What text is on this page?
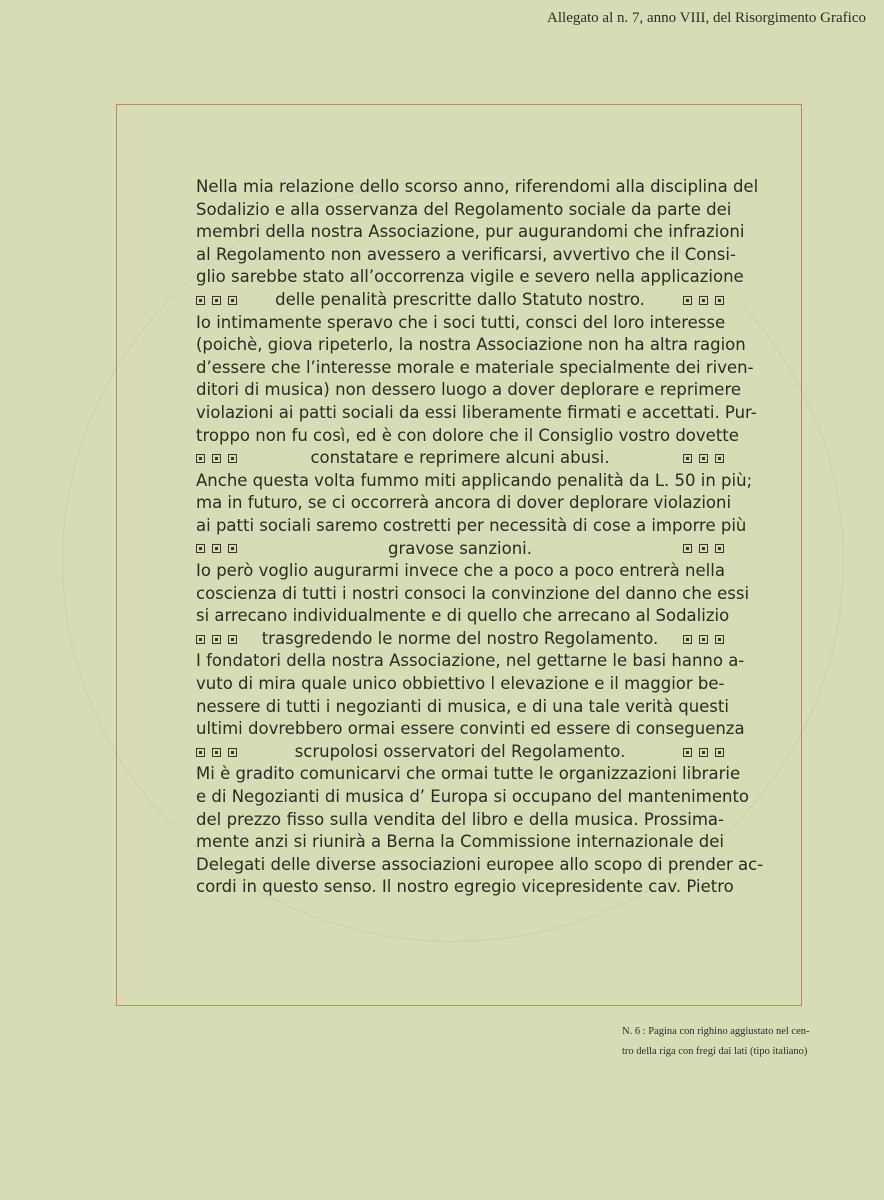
Allegato al n. 7, anno VIII, del Risorgimento Grafico
Nella mia relazione dello scorso anno, riferendomi alla disciplina del
Sodalizio e alla osservanza del Regolamento sociale da parte dei
membri della nostra Associazione, pur augurandomi che infrazioni
al Regolamento non avessero a verificarsi, avvertivo che il Consi-
glio sarebbe stato all’occorrenza vigile e severo nella applicazione
delle penalità prescritte dallo Statuto nostro.
Io intimamente speravo che i soci tutti, consci del loro interesse
(poichè, giova ripeterlo, la nostra Associazione non ha altra ragion
d’essere che l’interesse morale e materiale specialmente dei riven-
ditori di musica) non dessero luogo a dover deplorare e reprimere
violazioni ai patti sociali da essi liberamente firmati e accettati. Pur-
troppo non fu così, ed è con dolore che il Consiglio vostro dovette
constatare e reprimere alcuni abusi.
Anche questa volta fummo miti applicando penalità da L. 50 in più;
ma in futuro, se ci occorrerà ancora di dover deplorare violazioni
ai patti sociali saremo costretti per necessità di cose a imporre più
gravose sanzioni.
Io però voglio augurarmi invece che a poco a poco entrerà nella
coscienza di tutti i nostri consoci la convinzione del danno che essi
si arrecano individualmente e di quello che arrecano al Sodalizio
trasgredendo le norme del nostro Regolamento.
I fondatori della nostra Associazione, nel gettarne le basi hanno a-
vuto di mira quale unico obbiettivo l elevazione e il maggior be-
nessere di tutti i negozianti di musica, e di una tale verità questi
ultimi dovrebbero ormai essere convinti ed essere di conseguenza
scrupolosi osservatori del Regolamento.
Mi è gradito comunicarvi che ormai tutte le organizzazioni librarie
e di Negozianti di musica d’ Europa si occupano del mantenimento
del prezzo fisso sulla vendita del libro e della musica. Prossima-
mente anzi si riunirà a Berna la Commissione internazionale dei
Delegati delle diverse associazioni europee allo scopo di prender ac-
cordi in questo senso. Il nostro egregio vicepresidente cav. Pietro
N. 6 : Pagina con righino aggiustato nel cen-
tro della riga con fregi dai lati (tipo italiano)
